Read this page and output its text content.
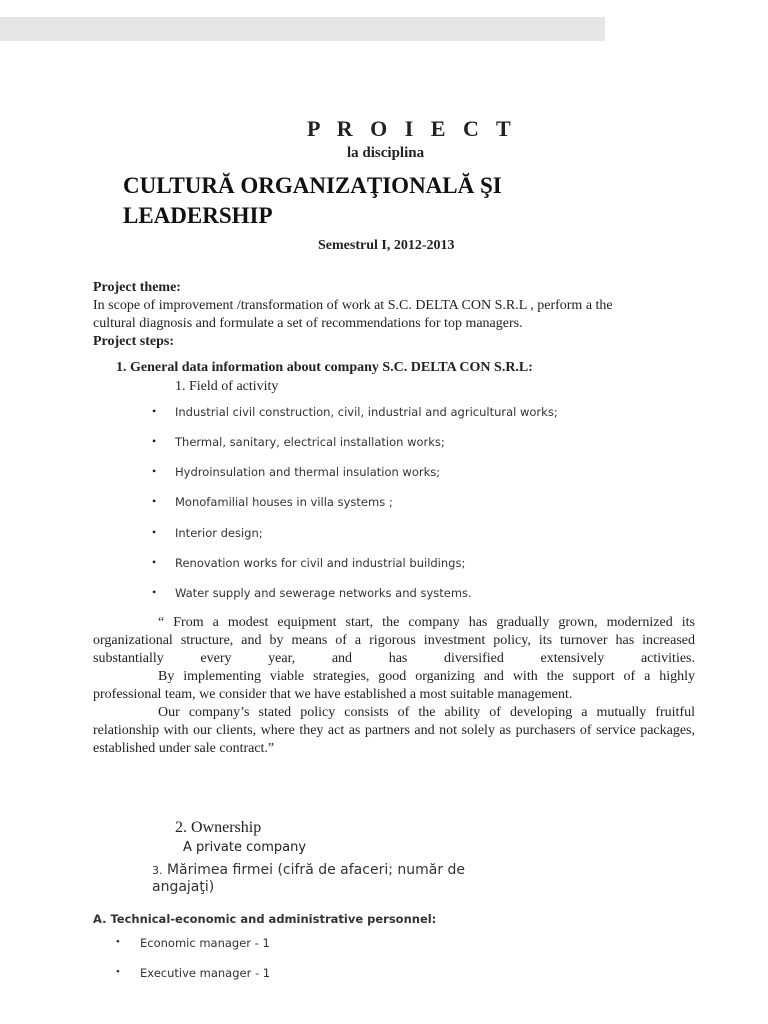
P R O I E C T
la disciplina
CULTURĂ ORGANIZAŢIONALĂ ŞI LEADERSHIP
Semestrul I, 2012-2013
Project theme:
In scope of improvement /transformation of work at S.C. DELTA CON S.R.L , perform a the
cultural diagnosis and formulate a set of recommendations for top managers.
Project steps:
1. General data information about company S.C. DELTA CON S.R.L:
1. Field of activity
• Industrial civil construction, civil, industrial and agricultural works;
• Thermal, sanitary, electrical installation works;
• Hydroinsulation and thermal insulation works;
• Monofamilial houses in villa systems ;
• Interior design;
• Renovation works for civil and industrial buildings;
• Water supply and sewerage networks and systems.

“ From a modest equipment start, the company has gradually grown, modernized its organizational structure, and by means of a rigorous investment policy, its turnover has increased substantially every year, and has diversified extensively activities.

By implementing viable strategies, good organizing and with the support of a highly professional team, we consider that we have established a most suitable management.

Our company’s stated policy consists of the ability of developing a mutually fruitful relationship with our clients, where they act as partners and not solely as purchasers of service packages, established under sale contract.”

2. Ownership
A private company
3. Mărimea firmei (cifră de afaceri; număr de angajaţi)
A. Technical-economic and administrative personnel:
• Economic manager - 1
• Executive manager - 1
